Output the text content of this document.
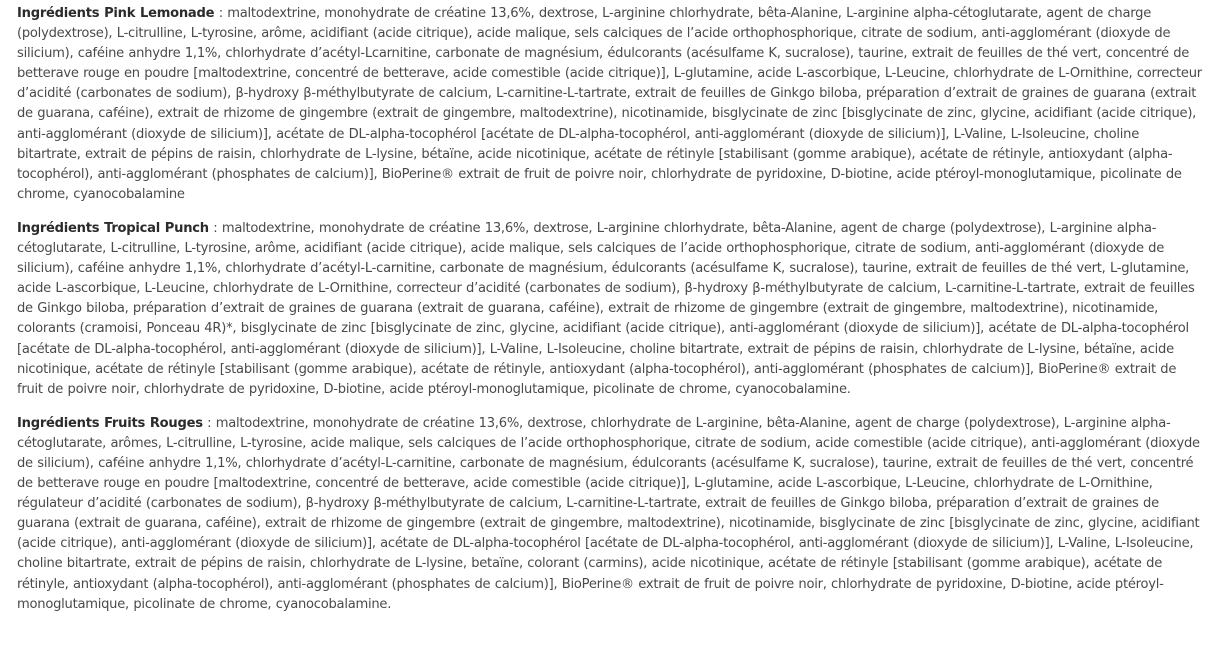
Ingrédients Pink Lemonade : maltodextrine, monohydrate de créatine 13,6%, dextrose, L-arginine chlorhydrate, bêta-Alanine, L-arginine alpha-cétoglutarate, agent de charge (polydextrose), L-citrulline, L-tyrosine, arôme, acidifiant (acide citrique), acide malique, sels calciques de l’acide orthophosphorique, citrate de sodium, anti-agglomérant (dioxyde de silicium), caféine anhydre 1,1%, chlorhydrate d’acétyl-Lcarnitine, carbonate de magnésium, édulcorants (acésulfame K, sucralose), taurine, extrait de feuilles de thé vert, concentré de betterave rouge en poudre [maltodextrine, concentré de betterave, acide comestible (acide citrique)], L-glutamine, acide L-ascorbique, L-Leucine, chlorhydrate de L-Ornithine, correcteur d’acidité (carbonates de sodium), β-hydroxy β-méthylbutyrate de calcium, L-carnitine-L-tartrate, extrait de feuilles de Ginkgo biloba, préparation d’extrait de graines de guarana (extrait de guarana, caféine), extrait de rhizome de gingembre (extrait de gingembre, maltodextrine), nicotinamide, bisglycinate de zinc [bisglycinate de zinc, glycine, acidifiant (acide citrique), anti-agglomérant (dioxyde de silicium)], acétate de DL-alpha-tocophérol [acétate de DL-alpha-tocophérol, anti-agglomérant (dioxyde de silicium)], L-Valine, L-Isoleucine, choline bitartrate, extrait de pépins de raisin, chlorhydrate de L-lysine, bétaïne, acide nicotinique, acétate de rétinyle [stabilisant (gomme arabique), acétate de rétinyle, antioxydant (alpha-tocophérol), anti-agglomérant (phosphates de calcium)], BioPerine® extrait de fruit de poivre noir, chlorhydrate de pyridoxine, D-biotine, acide ptéroyl-monoglutamique, picolinate de chrome, cyanocobalamine

Ingrédients Tropical Punch : maltodextrine, monohydrate de créatine 13,6%, dextrose, L-arginine chlorhydrate, bêta-Alanine, agent de charge (polydextrose), L-arginine alpha-cétoglutarate, L-citrulline, L-tyrosine, arôme, acidifiant (acide citrique), acide malique, sels calciques de l’acide orthophosphorique, citrate de sodium, anti-agglomérant (dioxyde de silicium), caféine anhydre 1,1%, chlorhydrate d’acétyl-L-carnitine, carbonate de magnésium, édulcorants (acésulfame K, sucralose), taurine, extrait de feuilles de thé vert, L-glutamine, acide L-ascorbique, L-Leucine, chlorhydrate de L-Ornithine, correcteur d’acidité (carbonates de sodium), β-hydroxy β-méthylbutyrate de calcium, L-carnitine-L-tartrate, extrait de feuilles de Ginkgo biloba, préparation d’extrait de graines de guarana (extrait de guarana, caféine), extrait de rhizome de gingembre (extrait de gingembre, maltodextrine), nicotinamide, colorants (cramoisi, Ponceau 4R)*, bisglycinate de zinc [bisglycinate de zinc, glycine, acidifiant (acide citrique), anti-agglomérant (dioxyde de silicium)], acétate de DL-alpha-tocophérol [acétate de DL-alpha-tocophérol, anti-agglomérant (dioxyde de silicium)], L-Valine, L-Isoleucine, choline bitartrate, extrait de pépins de raisin, chlorhydrate de L-lysine, bétaïne, acide nicotinique, acétate de rétinyle [stabilisant (gomme arabique), acétate de rétinyle, antioxydant (alpha-tocophérol), anti-agglomérant (phosphates de calcium)], BioPerine® extrait de fruit de poivre noir, chlorhydrate de pyridoxine, D-biotine, acide ptéroyl-monoglutamique, picolinate de chrome, cyanocobalamine.

Ingrédients Fruits Rouges : maltodextrine, monohydrate de créatine 13,6%, dextrose, chlorhydrate de L-arginine, bêta-Alanine, agent de charge (polydextrose), L-arginine alpha-cétoglutarate, arômes, L-citrulline, L-tyrosine, acide malique, sels calciques de l’acide orthophosphorique, citrate de sodium, acide comestible (acide citrique), anti-agglomérant (dioxyde de silicium), caféine anhydre 1,1%, chlorhydrate d’acétyl-L-carnitine, carbonate de magnésium, édulcorants (acésulfame K, sucralose), taurine, extrait de feuilles de thé vert, concentré de betterave rouge en poudre [maltodextrine, concentré de betterave, acide comestible (acide citrique)], L-glutamine, acide L-ascorbique, L-Leucine, chlorhydrate de L-Ornithine, régulateur d’acidité (carbonates de sodium), β-hydroxy β-méthylbutyrate de calcium, L-carnitine-L-tartrate, extrait de feuilles de Ginkgo biloba, préparation d’extrait de graines de guarana (extrait de guarana, caféine), extrait de rhizome de gingembre (extrait de gingembre, maltodextrine), nicotinamide, bisglycinate de zinc [bisglycinate de zinc, glycine, acidifiant (acide citrique), anti-agglomérant (dioxyde de silicium)], acétate de DL-alpha-tocophérol [acétate de DL-alpha-tocophérol, anti-agglomérant (dioxyde de silicium)], L-Valine, L-Isoleucine, choline bitartrate, extrait de pépins de raisin, chlorhydrate de L-lysine, betaïne, colorant (carmins), acide nicotinique, acétate de rétinyle [stabilisant (gomme arabique), acétate de rétinyle, antioxydant (alpha-tocophérol), anti-agglomérant (phosphates de calcium)], BioPerine® extrait de fruit de poivre noir, chlorhydrate de pyridoxine, D-biotine, acide ptéroyl-monoglutamique, picolinate de chrome, cyanocobalamine.
